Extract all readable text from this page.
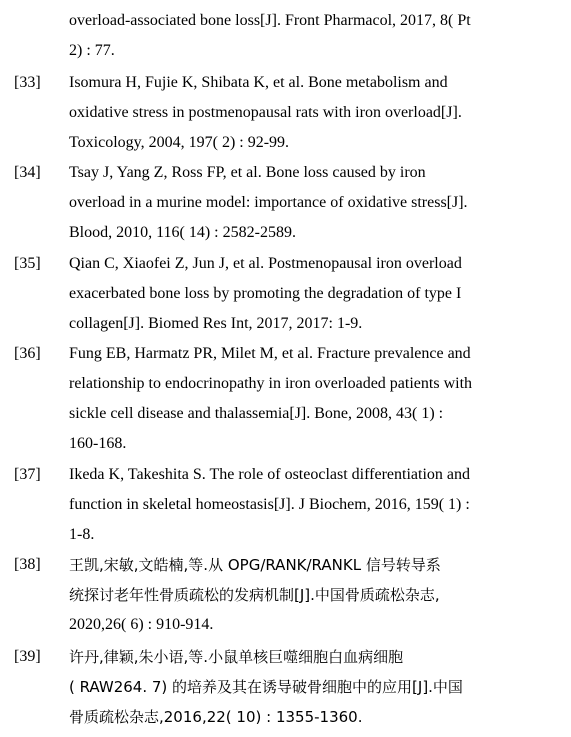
overload-associated bone loss[J]. Front Pharmacol, 2017, 8( Pt
2) : 77.
[33] Isomura H, Fujie K, Shibata K, et al. Bone metabolism and
oxidative stress in postmenopausal rats with iron overload[J].
Toxicology, 2004, 197( 2) : 92-99.
[34] Tsay J, Yang Z, Ross FP, et al. Bone loss caused by iron
overload in a murine model: importance of oxidative stress[J].
Blood, 2010, 116( 14) : 2582-2589.
[35] Qian C, Xiaofei Z, Jun J, et al. Postmenopausal iron overload
exacerbated bone loss by promoting the degradation of type I
collagen[J]. Biomed Res Int, 2017, 2017: 1-9.
[36] Fung EB, Harmatz PR, Milet M, et al. Fracture prevalence and
relationship to endocrinopathy in iron overloaded patients with
sickle cell disease and thalassemia[J]. Bone, 2008, 43( 1) :
160-168.
[37] Ikeda K, Takeshita S. The role of osteoclast differentiation and
function in skeletal homeostasis[J]. J Biochem, 2016, 159( 1) :
1-8.
[38] 王凯,宋敏,文皓楠,等.从 OPG/RANK/RANKL 信号转导系
统探讨老年性骨质疏松的发病机制[J].中国骨质疏松杂志,
2020,26( 6) : 910-914.
[39] 许丹,律颖,朱小语,等.小鼠单核巨噬细胞白血病细胞
( RAW264. 7) 的培养及其在诱导破骨细胞中的应用[J].中国
骨质疏松杂志,2016,22( 10) : 1355-1360.
